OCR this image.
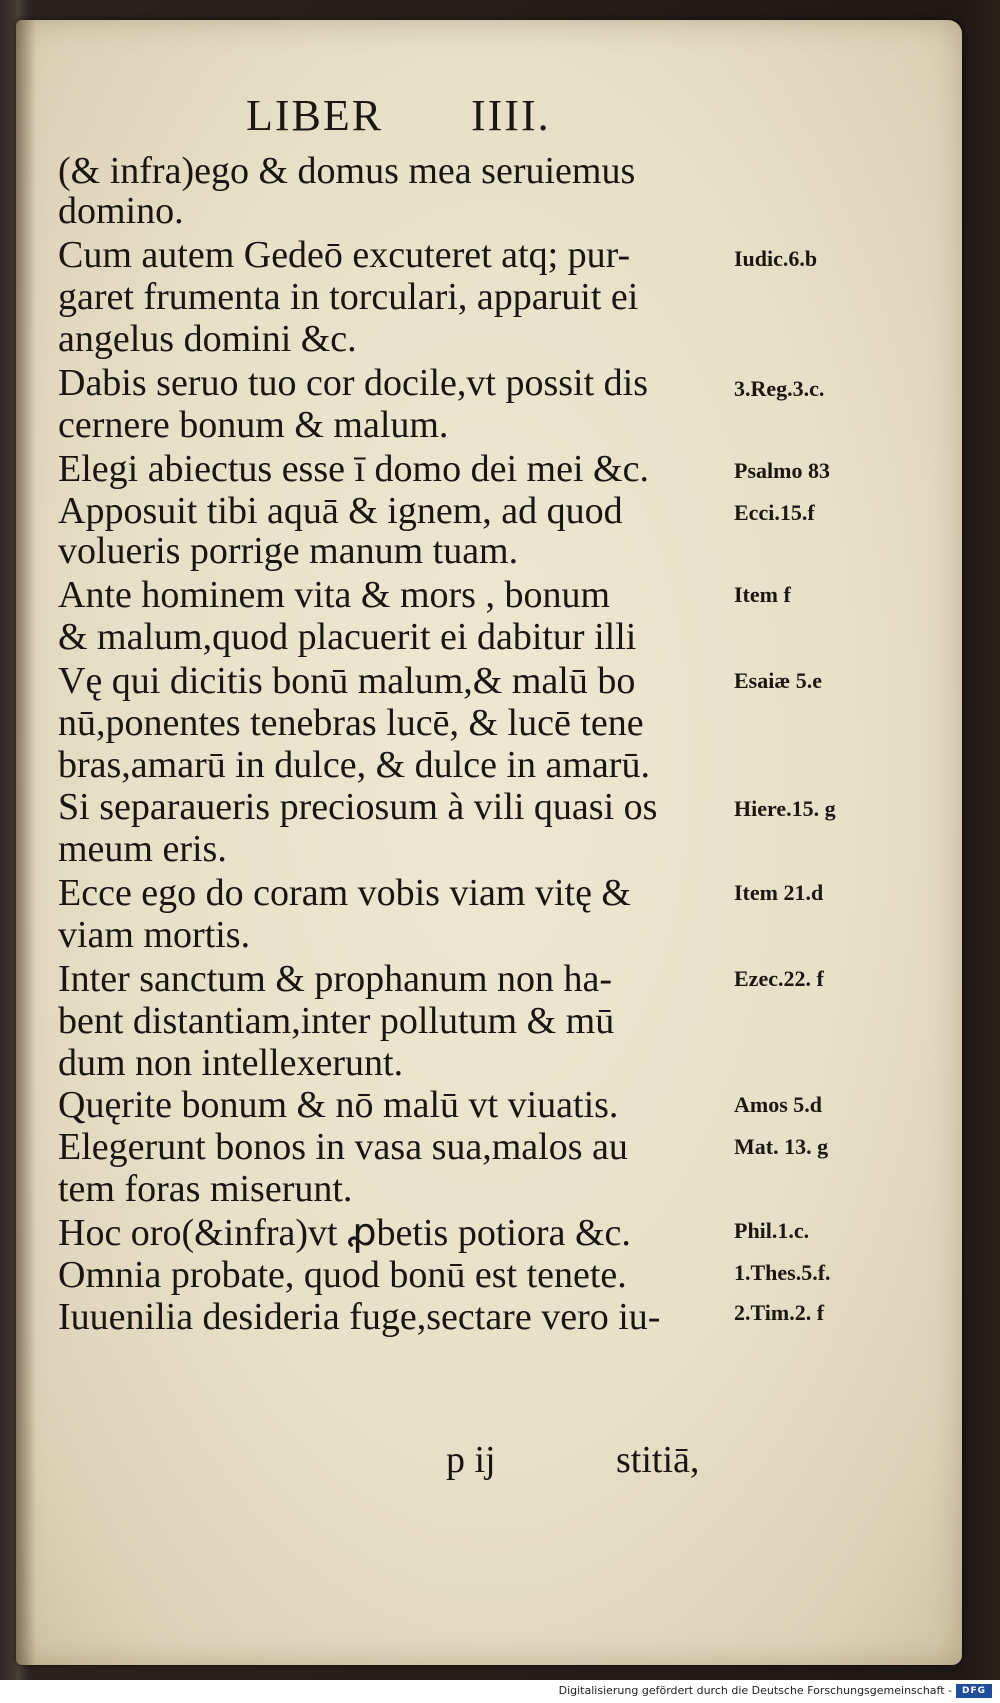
LIBER IIII.
(& infra)ego & domus mea seruiemus
domino.
Cum autem Gedeō excuteret atq; pur-
garet frumenta in torculari, apparuit ei
angelus domini &c.
Dabis seruo tuo cor docile,vt possit dis
cernere bonum & malum.
Elegi abiectus esse ī domo dei mei &c.
Apposuit tibi aquā & ignem, ad quod
volueris porrige manum tuam.
Ante hominem vita & mors , bonum
& malum,quod placuerit ei dabitur illi
Vę qui dicitis bonū malum,& malū bo
nū,ponentes tenebras lucē, & lucē tene
bras,amarū in dulce, & dulce in amarū.
Si separaueris preciosum à vili quasi os
meum eris.
Ecce ego do coram vobis viam vitę &
viam mortis.
Inter sanctum & prophanum non ha-
bent distantiam,inter pollutum & mū
dum non intellexerunt.
Quęrite bonum & nō malū vt viuatis.
Elegerunt bonos in vasa sua,malos au
tem foras miserunt.
Hoc oro(&infra)vt ꝓbetis potiora &c.
Omnia probate, quod bonū est tenete.
Iuuenilia desideria fuge,sectare vero iu-
Iudic.6.b
3.Reg.3.c.
Psalmo 83
Ecci.15.f
Item f
Esaiæ 5.e
Hiere.15. g
Item 21.d
Ezec.22. f
Amos 5.d
Mat. 13. g
Phil.1.c.
1.Thes.5.f.
2.Tim.2. f
p ij	stitiā,
Digitalisierung gefördert durch die Deutsche Forschungsgemeinschaft -	DFG
